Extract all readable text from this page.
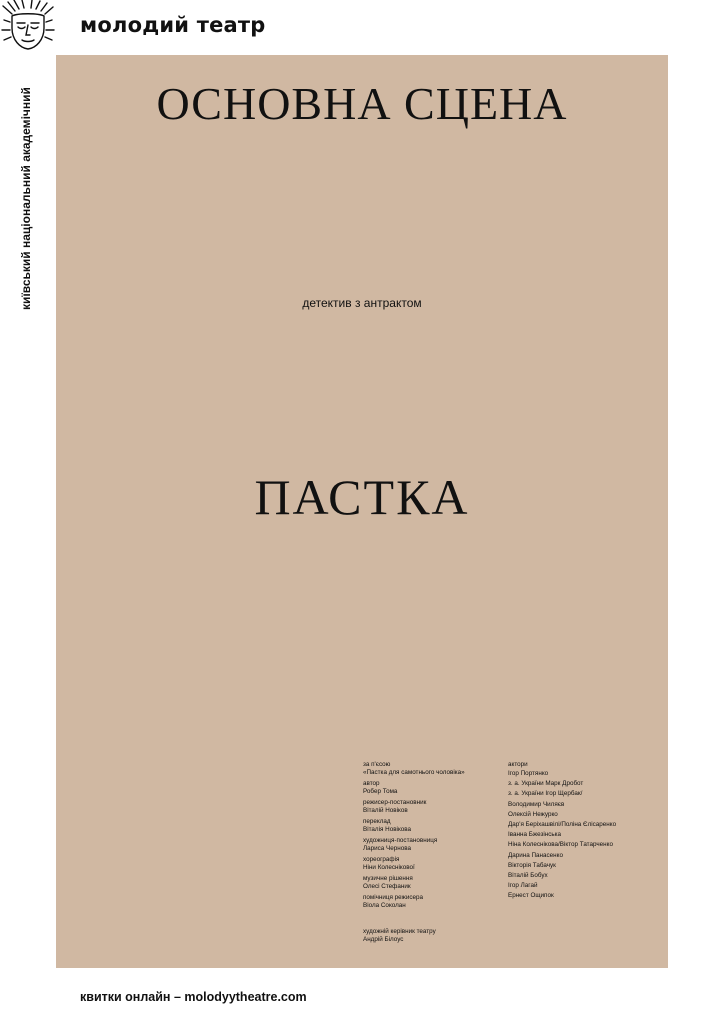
молодий театр
київський національний академічний	ОСНОВНА СЦЕНА
детектив з антрактом
ПАСТКА
за п'єсою
«Пастка для самотнього чоловіка»
автор
Робер Тома
режисер-постановник
Віталій Новіков
переклад
Віталія Новікова
художниця-постановниця
Лариса Чернова
хореографія
Ніни Колеснікової
музичне рішення
Олесі Стефаник
помічниця режисера
Віола Соколан
актори
Ігор Портянко
з. а. України Марк Дробот
з. а. України Ігор Щербак/
Володимир Чиляєв
Олексій Нежурко
Дар'я Беріхашвілі/Поліна Єлісаренко
Іванна Бжезінська
Ніна Колеснікова/Віктор Татарченко
Дарина Панасенко
Вікторія Табачук
Віталій Бобух
Ігор Лагай
Ернест Ощипок
художній керівник театру
Андрій Білоус
квитки онлайн – molodyytheatre.com
